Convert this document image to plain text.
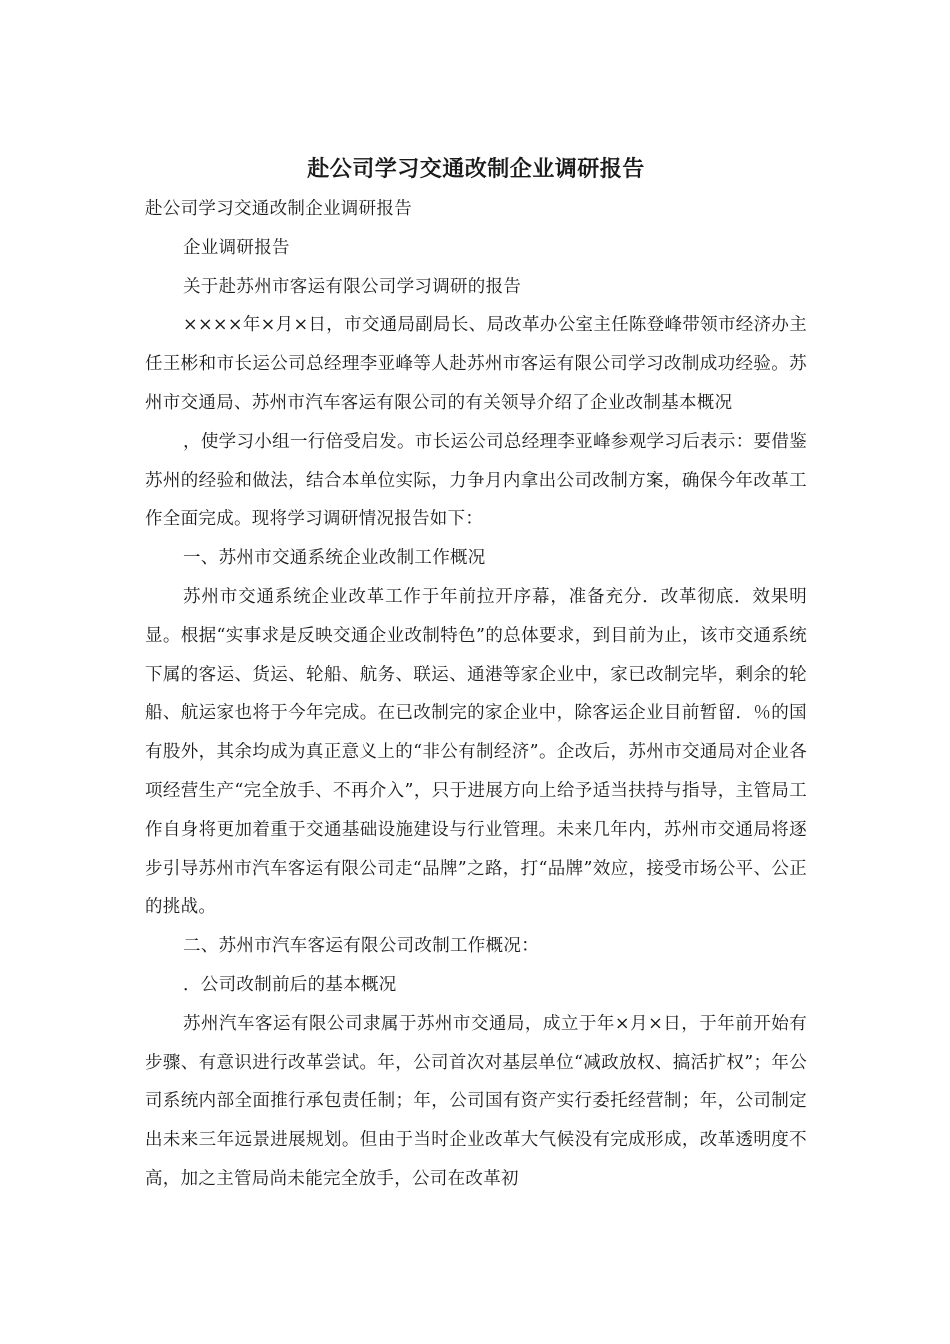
赴公司学习交通改制企业调研报告

赴公司学习交通改制企业调研报告

企业调研报告

关于赴苏州市客运有限公司学习调研的报告

××××年×月×日，市交通局副局长、局改革办公室主任陈登峰带领市经济办主任王彬和市长运公司总经理李亚峰等人赴苏州市客运有限公司学习改制成功经验。苏州市交通局、苏州市汽车客运有限公司的有关领导介绍了企业改制基本概况

，使学习小组一行倍受启发。市长运公司总经理李亚峰参观学习后表示：要借鉴苏州的经验和做法，结合本单位实际，力争月内拿出公司改制方案，确保今年改革工作全面完成。现将学习调研情况报告如下：

一、苏州市交通系统企业改制工作概况

苏州市交通系统企业改革工作于年前拉开序幕，准备充分．改革彻底．效果明显。根据“实事求是反映交通企业改制特色”的总体要求，到目前为止，该市交通系统下属的客运、货运、轮船、航务、联运、通港等家企业中，家已改制完毕，剩余的轮船、航运家也将于今年完成。在已改制完的家企业中，除客运企业目前暂留．％的国有股外，其余均成为真正意义上的“非公有制经济”。企改后，苏州市交通局对企业各项经营生产“完全放手、不再介入”，只于进展方向上给予适当扶持与指导，主管局工作自身将更加着重于交通基础设施建设与行业管理。未来几年内，苏州市交通局将逐步引导苏州市汽车客运有限公司走“品牌”之路，打“品牌”效应，接受市场公平、公正的挑战。

二、苏州市汽车客运有限公司改制工作概况：

．公司改制前后的基本概况

苏州汽车客运有限公司隶属于苏州市交通局，成立于年×月×日，于年前开始有步骤、有意识进行改革尝试。年，公司首次对基层单位“减政放权、搞活扩权”；年公司系统内部全面推行承包责任制；年，公司国有资产实行委托经营制；年，公司制定出未来三年远景进展规划。但由于当时企业改革大气候没有完成形成，改革透明度不高，加之主管局尚未能完全放手，公司在改革初
